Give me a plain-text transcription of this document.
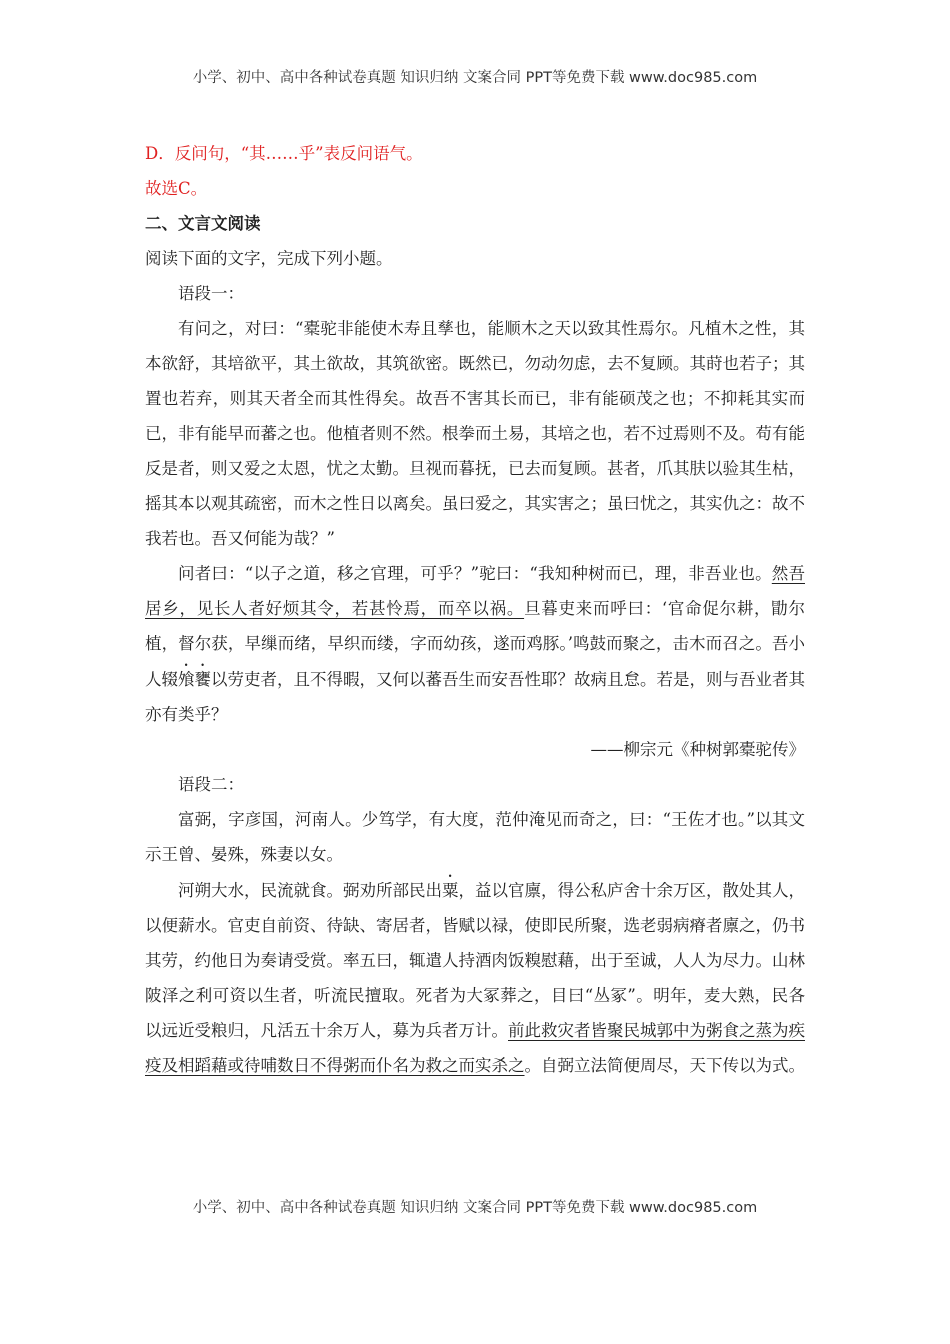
小学、初中、高中各种试卷真题 知识归纳 文案合同 PPT等免费下载 www.doc985.com

D．反问句，“其……乎”表反问语气。

故选C。

二、文言文阅读

阅读下面的文字，完成下列小题。

语段一：

有问之，对曰：“橐驼非能使木寿且孳也，能顺木之天以致其性焉尔。凡植木之性，其本欲舒，其培欲平，其土欲故，其筑欲密。既然已，勿动勿虑，去不复顾。其莳也若子；其置也若弃，则其天者全而其性得矣。故吾不害其长而已，非有能硕茂之也；不抑耗其实而已，非有能早而蕃之也。他植者则不然。根拳而土易，其培之也，若不过焉则不及。苟有能反是者，则又爱之太恩，忧之太勤。旦视而暮抚，已去而复顾。甚者，爪其肤以验其生枯，摇其本以观其疏密，而木之性日以离矣。虽曰爱之，其实害之；虽曰忧之，其实仇之：故不我若也。吾又何能为哉？”

问者曰：“以子之道，移之官理，可乎？”驼曰：“我知种树而已，理，非吾业也。然吾居乡，见长人者好烦其令，若甚怜焉，而卒以祸。旦暮吏来而呼曰：‘官命促尔耕，勖尔植，督尔获，早缫而绪，早织而缕，字而幼孩，遂而鸡豚。’鸣鼓而聚之，击木而召之。吾小人辍飧饔以劳吏者，且不得暇，又何以蕃吾生而安吾性耶？故病且怠。若是，则与吾业者其亦有类乎？

——柳宗元《种树郭橐驼传》

语段二：

富弼，字彦国，河南人。少笃学，有大度，范仲淹见而奇之，曰：“王佐才也。”以其文示王曾、晏殊，殊妻以女。

河朔大水，民流就食。弼劝所部民出粟，益以官廪，得公私庐舍十余万区，散处其人，以便薪水。官吏自前资、待缺、寄居者，皆赋以禄，使即民所聚，选老弱病瘠者廪之，仍书其劳，约他日为奏请受赏。率五曰，辄遣人持酒肉饭糗慰藉，出于至诚，人人为尽力。山林陂泽之利可资以生者，听流民擅取。死者为大冢葬之，目曰“丛冢”。明年，麦大熟，民各以远近受粮归，凡活五十余万人，募为兵者万计。前此救灾者皆聚民城郭中为粥食之蒸为疾疫及相蹈藉或待哺数日不得粥而仆名为救之而实杀之。自弼立法简便周尽，天下传以为式。

小学、初中、高中各种试卷真题 知识归纳 文案合同 PPT等免费下载 www.doc985.com
